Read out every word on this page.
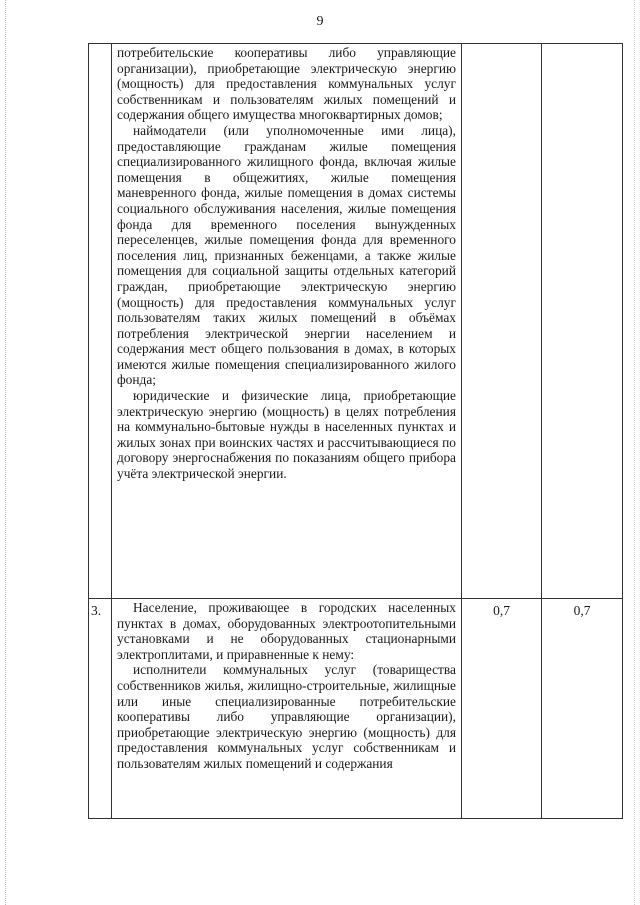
9

	потребительские кооперативы либо управляющие организации), приобретающие электрическую энергию (мощность) для предоставления коммунальных услуг собственникам и пользователям жилых помещений и содержания общего имущества многоквартирных домов;

наймодатели (или уполномоченные ими лица), предоставляющие гражданам жилые помещения специализированного жилищного фонда, включая жилые помещения в общежитиях, жилые помещения маневренного фонда, жилые помещения в домах системы социального обслуживания населения, жилые помещения фонда для временного поселения вынужденных переселенцев, жилые помещения фонда для временного поселения лиц, признанных беженцами, а также жилые помещения для социальной защиты отдельных категорий граждан, приобретающие электрическую энергию (мощность) для предоставления коммунальных услуг пользователям таких жилых помещений в объёмах потребления электрической энергии населением и содержания мест общего пользования в домах, в которых имеются жилые помещения специализированного жилого фонда;

юридические и физические лица, приобретающие электрическую энергию (мощность) в целях потребления на коммунально-бытовые нужды в населенных пунктах и жилых зонах при воинских частях и рассчитывающиеся по договору энергоснабжения по показаниям общего прибора учёта электрической энергии.		

3.	Население, проживающее в городских населенных пунктах в домах, оборудованных электроотопительными установками и не оборудованных стационарными электроплитами, и приравненные к нему:

исполнители коммунальных услуг (товарищества собственников жилья, жилищно-строительные, жилищные или иные специализированные потребительские кооперативы либо управляющие организации), приобретающие электрическую энергию (мощность) для предоставления коммунальных услуг собственникам и пользователям жилых помещений и содержания	0,7	0,7
